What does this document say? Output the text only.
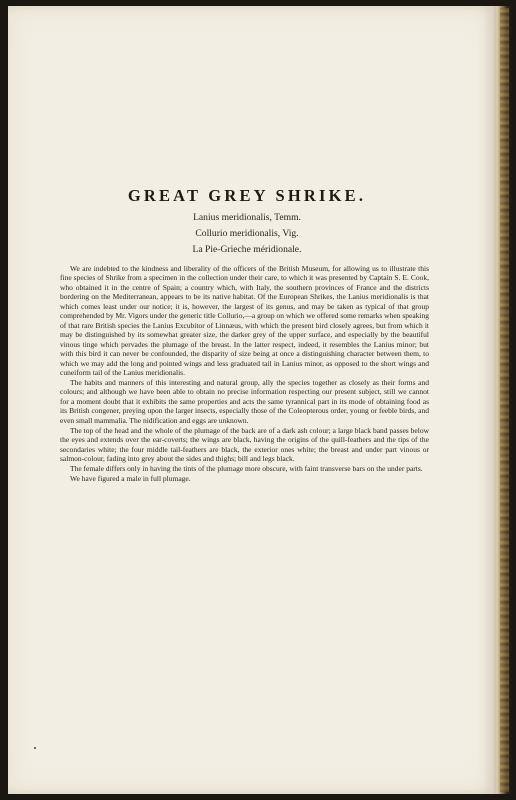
GREAT GREY SHRIKE.
Lanius meridionalis, Temm.
Collurio meridionalis, Vig.
La Pie-Grieche méridionale.

We are indebted to the kindness and liberality of the officers of the British Museum, for allowing us to illustrate this fine species of Shrike from a specimen in the collection under their care, to which it was presented by Captain S. E. Cook, who obtained it in the centre of Spain; a country which, with Italy, the southern provinces of France and the districts bordering on the Mediterranean, appears to be its native habitat. Of the European Shrikes, the Lanius meridionalis is that which comes least under our notice; it is, however, the largest of its genus, and may be taken as typical of that group comprehended by Mr. Vigors under the generic title Collurio,—a group on which we offered some remarks when speaking of that rare British species the Lanius Excubitor of Linnæus, with which the present bird closely agrees, but from which it may be distinguished by its somewhat greater size, the darker grey of the upper surface, and especially by the beautiful vinous tinge which pervades the plumage of the breast. In the latter respect, indeed, it resembles the Lanius minor; but with this bird it can never be confounded, the disparity of size being at once a distinguishing character between them, to which we may add the long and pointed wings and less graduated tail in Lanius minor, as opposed to the short wings and cuneiform tail of the Lanius meridionalis.

The habits and manners of this interesting and natural group, ally the species together as closely as their forms and colours; and although we have been able to obtain no precise information respecting our present subject, still we cannot for a moment doubt that it exhibits the same properties and acts the same tyrannical part in its mode of obtaining food as its British congener, preying upon the larger insects, especially those of the Coleopterous order, young or feeble birds, and even small mammalia. The nidification and eggs are unknown.

The top of the head and the whole of the plumage of the back are of a dark ash colour; a large black band passes below the eyes and extends over the ear-coverts; the wings are black, having the origins of the quill-feathers and the tips of the secondaries white; the four middle tail-feathers are black, the exterior ones white; the breast and under part vinous or salmon-colour, fading into grey about the sides and thighs; bill and legs black.

The female differs only in having the tints of the plumage more obscure, with faint transverse bars on the under parts.

We have figured a male in full plumage.
